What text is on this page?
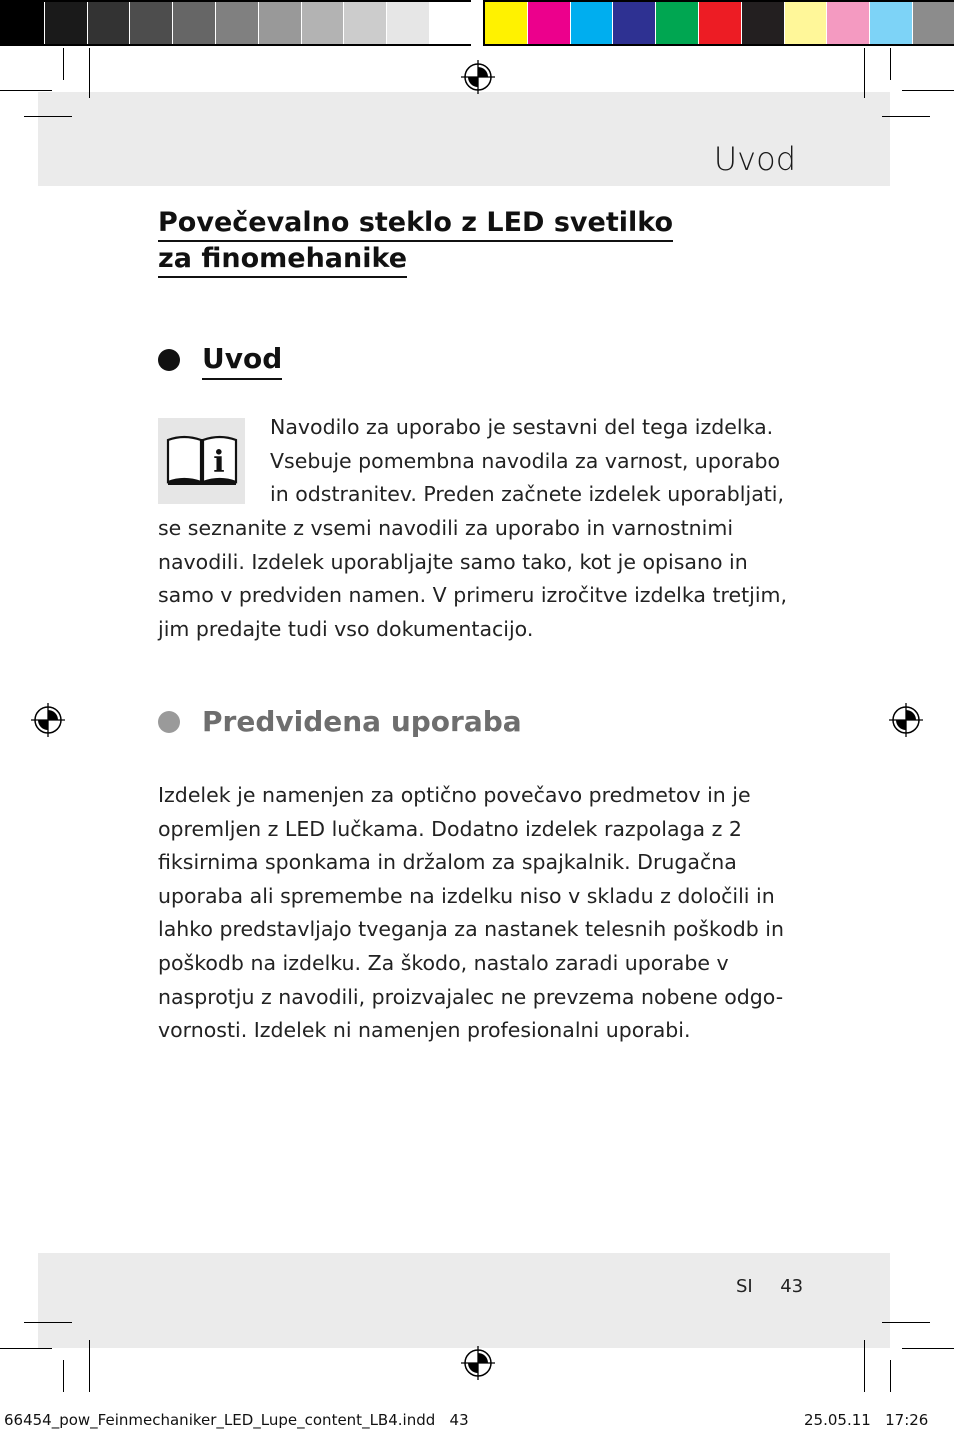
Uvod
Povečevalno steklo z LED svetilko
za finomehanike
Uvod
i
Navodilo za uporabo je sestavni del tega izdelka.
Vsebuje pomembna navodila za varnost, uporabo
in odstranitev. Preden začnete izdelek uporabljati,
se seznanite z vsemi navodili za uporabo in varnostnimi
navodili. Izdelek uporabljajte samo tako, kot je opisano in
samo v predviden namen. V primeru izročitve izdelka tretjim,
jim predajte tudi vso dokumentacijo.
Predvidena uporaba
Izdelek je namenjen za optično povečavo predmetov in je
opremljen z LED lučkama. Dodatno izdelek razpolaga z 2
fiksirnima sponkama in držalom za spajkalnik. Drugačna
uporaba ali spremembe na izdelku niso v skladu z določili in
lahko predstavljajo tveganja za nastanek telesnih poškodb in
poškodb na izdelku. Za škodo, nastalo zaradi uporabe v
nasprotju z navodili, proizvajalec ne prevzema nobene odgo-
vornosti. Izdelek ni namenjen profesionalni uporabi.
SI 43
66454_pow_Feinmechaniker_LED_Lupe_content_LB4.indd   43	25.05.11 17:26
